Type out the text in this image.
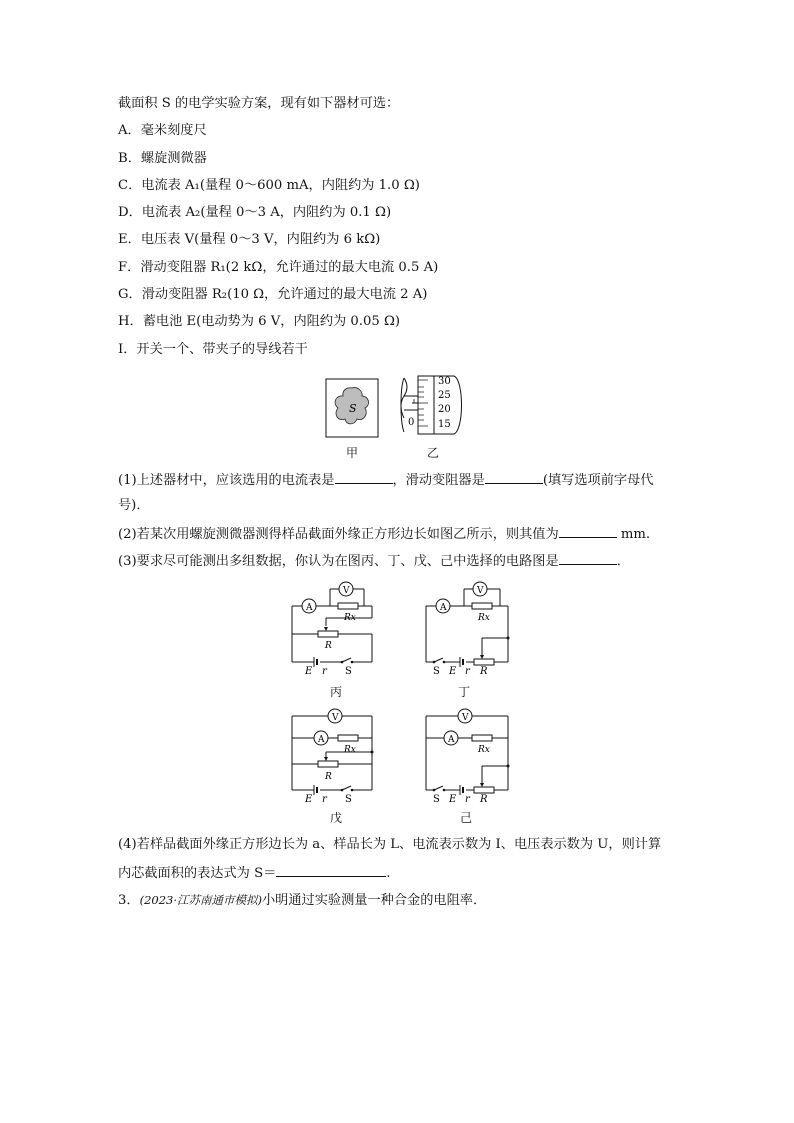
截面积 S 的电学实验方案，现有如下器材可选：
A．毫米刻度尺
B．螺旋测微器
C．电流表 A₁(量程 0～600 mA，内阻约为 1.0 Ω)
D．电流表 A₂(量程 0～3 A，内阻约为 0.1 Ω)
E．电压表 V(量程 0～3 V，内阻约为 6 kΩ)
F．滑动变阻器 R₁(2 kΩ，允许通过的最大电流 0.5 A)
G．滑动变阻器 R₂(10 Ω，允许通过的最大电流 2 A)
H．蓄电池 E(电动势为 6 V，内阻约为 0.05 Ω)
I．开关一个、带夹子的导线若干
S
甲
0
30
25
20
15
乙
(1)上述器材中，应该选用的电流表是	，滑动变阻器是	(填写选项前字母代
号)．
(2)若某次用螺旋测微器测得样品截面外缘正方形边长如图乙所示，则其值为	mm.
(3)要求尽可能测出多组数据，你认为在图丙、丁、戊、己中选择的电路图是	．
A
V
Rx
R
E r S
丙
A
V
Rx
S E r R
丁
V
A
Rx
R
E r S
戊
V
A
Rx
S E r R
己
(4)若样品截面外缘正方形边长为 a、样品长为 L、电流表示数为 I、电压表示数为 U，则计算
内芯截面积的表达式为 S＝	.
3．(2023·江苏南通市模拟)小明通过实验测量一种合金的电阻率．
